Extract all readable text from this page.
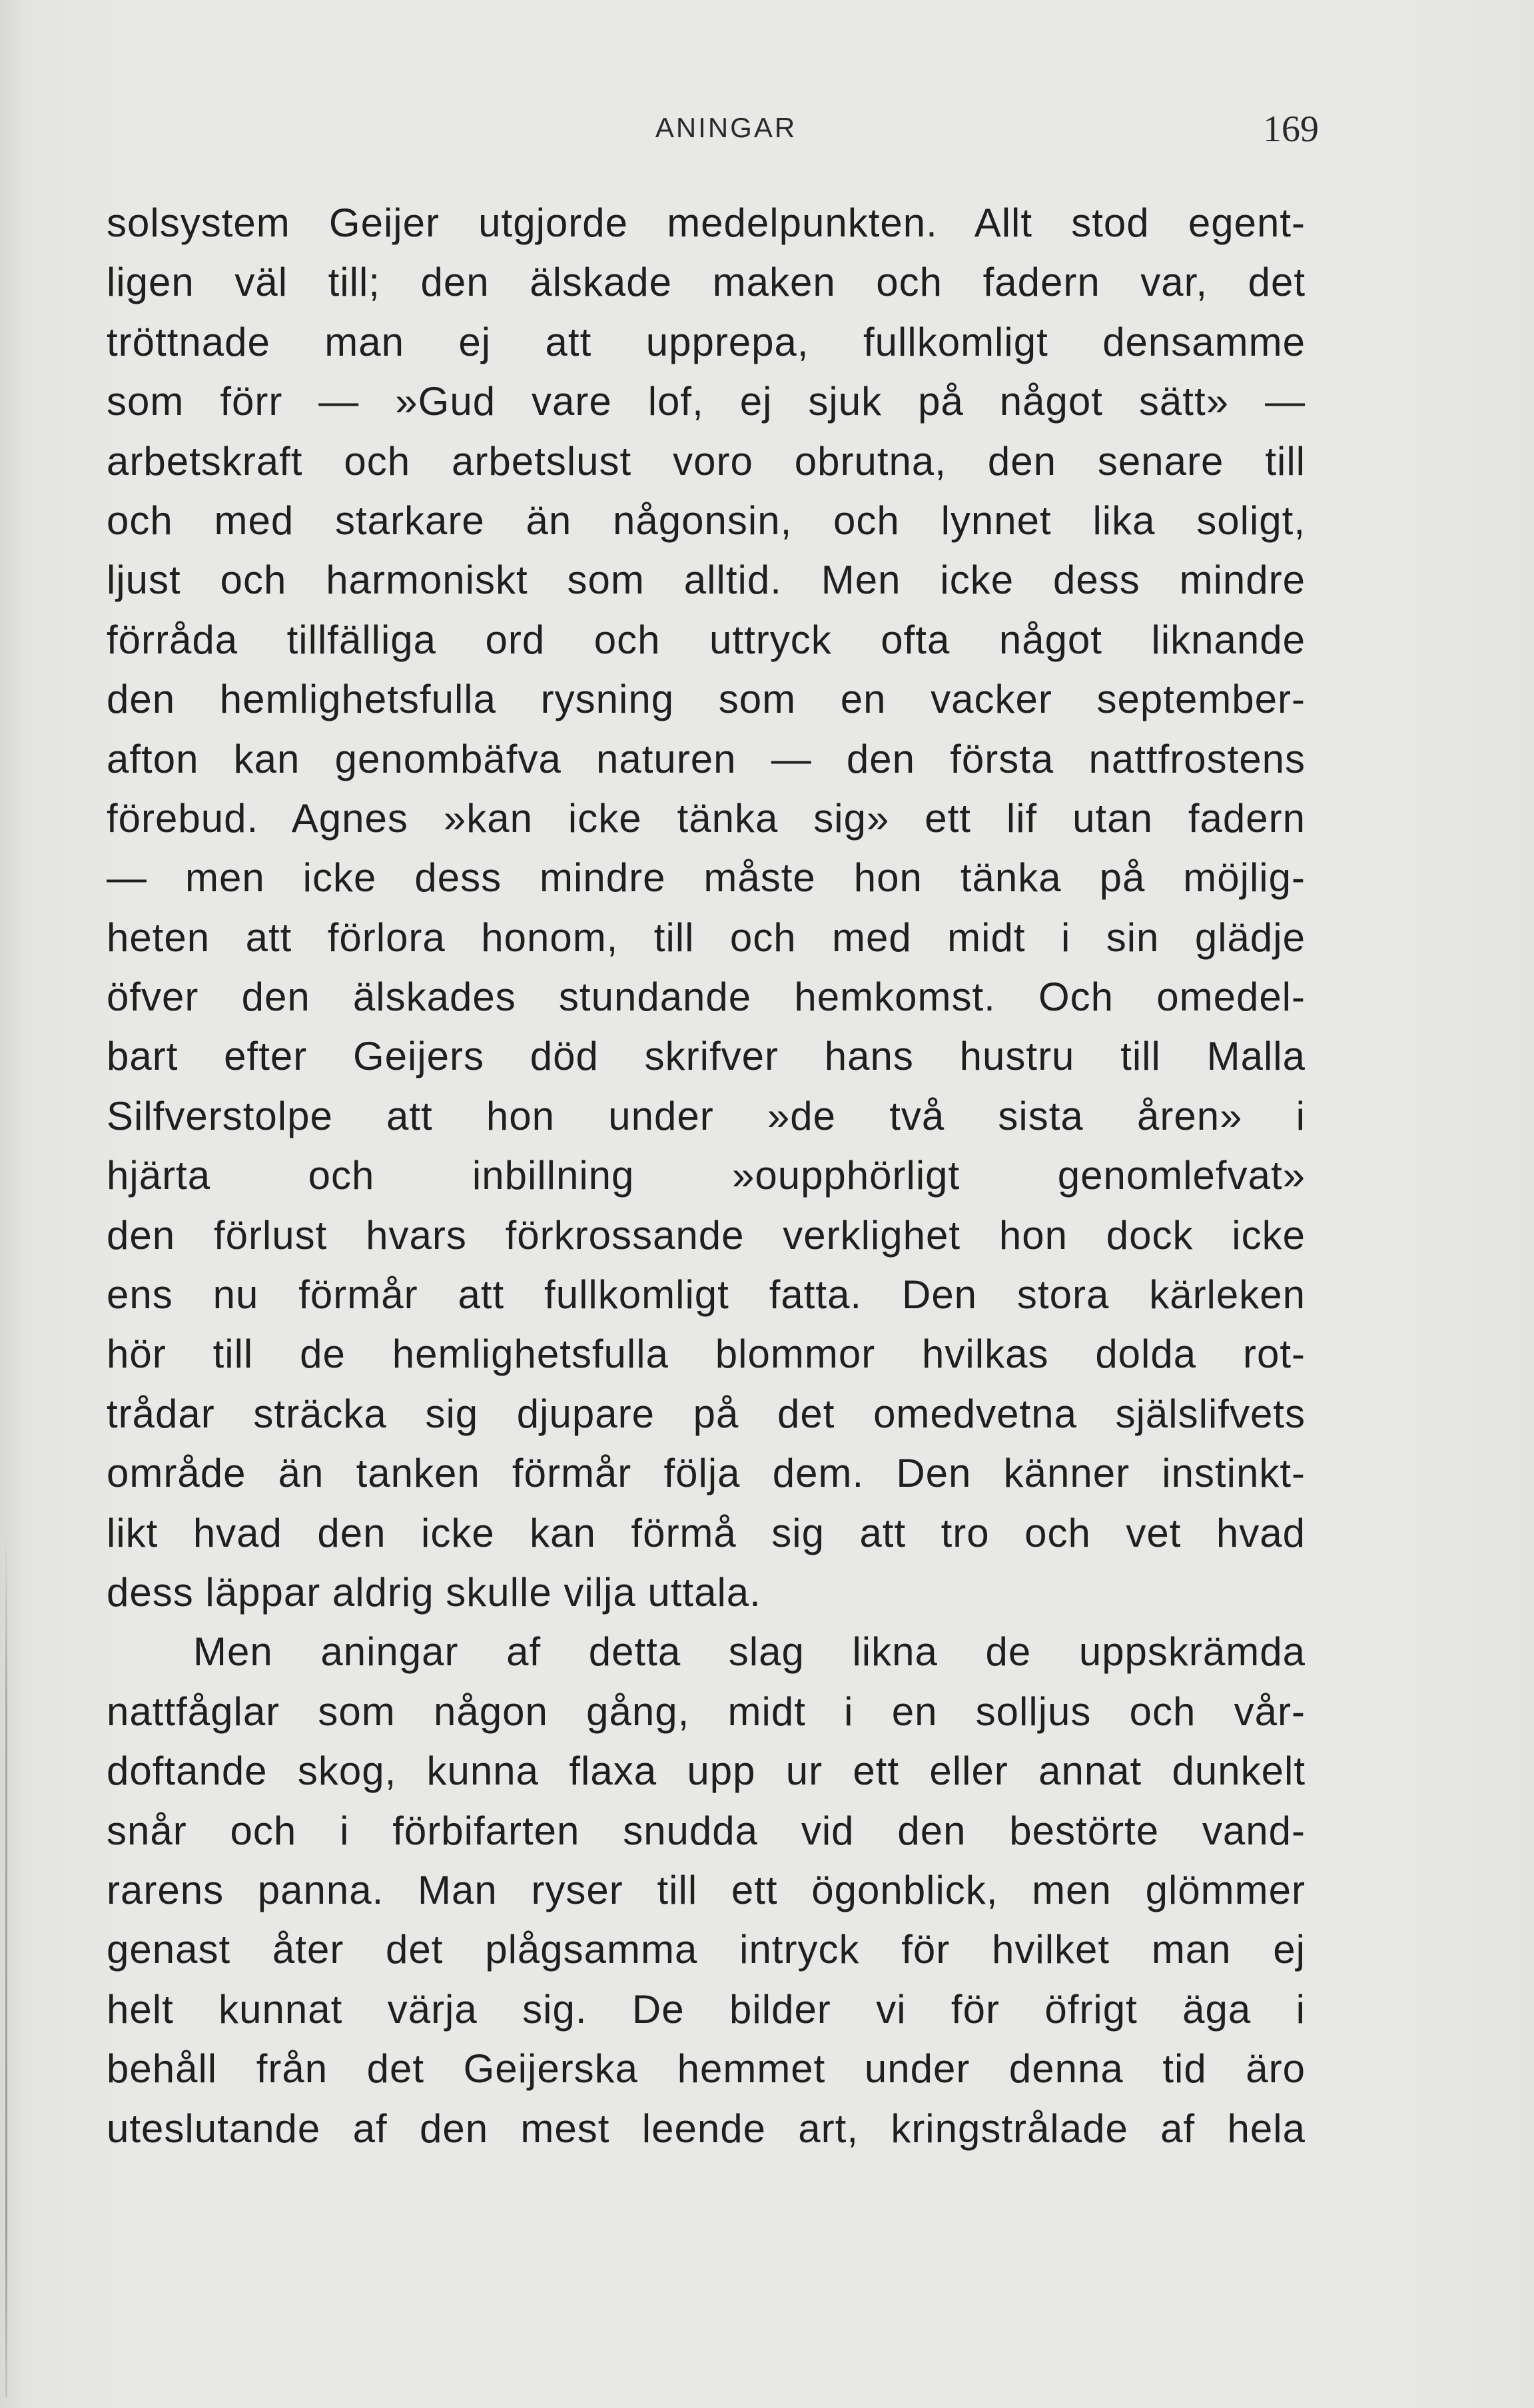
ANINGAR	169
solsystem Geijer utgjorde medelpunkten. Allt stod egent-
ligen väl till; den älskade maken och fadern var, det
tröttnade man ej att upprepa, fullkomligt densamme
som förr — »Gud vare lof, ej sjuk på något sätt» —
arbetskraft och arbetslust voro obrutna, den senare till
och med starkare än någonsin, och lynnet lika soligt,
ljust och harmoniskt som alltid. Men icke dess mindre
förråda tillfälliga ord och uttryck ofta något liknande
den hemlighetsfulla rysning som en vacker september-
afton kan genombäfva naturen — den första nattfrostens
förebud. Agnes »kan icke tänka sig» ett lif utan fadern
— men icke dess mindre måste hon tänka på möjlig-
heten att förlora honom, till och med midt i sin glädje
öfver den älskades stundande hemkomst. Och omedel-
bart efter Geijers död skrifver hans hustru till Malla
Silfverstolpe att hon under »de två sista åren» i
hjärta och inbillning »oupphörligt genomlefvat»
den förlust hvars förkrossande verklighet hon dock icke
ens nu förmår att fullkomligt fatta. Den stora kärleken
hör till de hemlighetsfulla blommor hvilkas dolda rot-
trådar sträcka sig djupare på det omedvetna själslifvets
område än tanken förmår följa dem. Den känner instinkt-
likt hvad den icke kan förmå sig att tro och vet hvad
dess läppar aldrig skulle vilja uttala.
Men aningar af detta slag likna de uppskrämda
nattfåglar som någon gång, midt i en solljus och vår-
doftande skog, kunna flaxa upp ur ett eller annat dunkelt
snår och i förbifarten snudda vid den bestörte vand-
rarens panna. Man ryser till ett ögonblick, men glömmer
genast åter det plågsamma intryck för hvilket man ej
helt kunnat värja sig. De bilder vi för öfrigt äga i
behåll från det Geijerska hemmet under denna tid äro
uteslutande af den mest leende art, kringstrålade af hela
